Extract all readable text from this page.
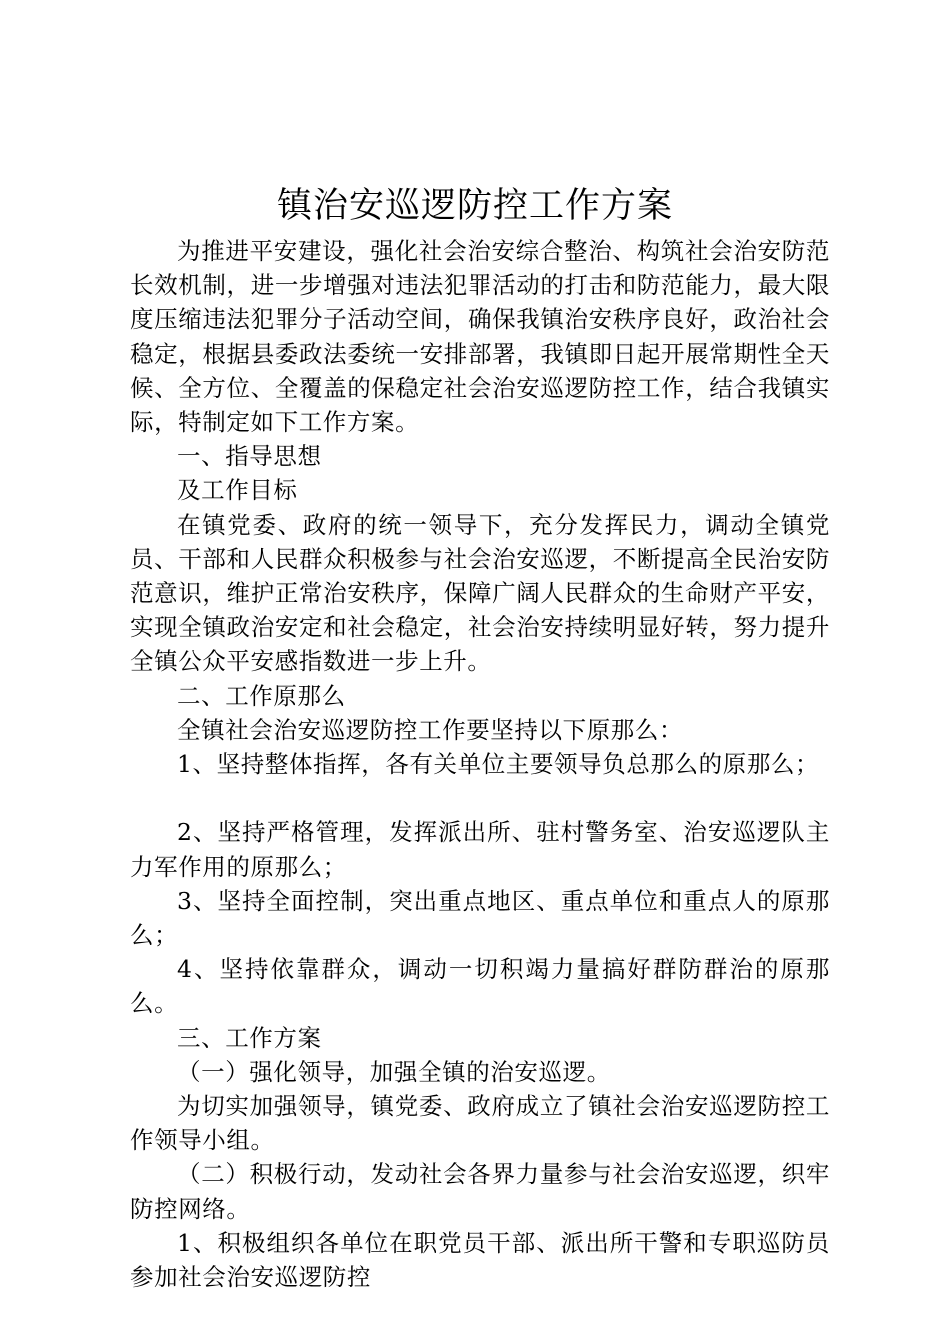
镇治安巡逻防控工作方案

为推进平安建设，强化社会治安综合整治、构筑社会治安防范长效机制，进一步增强对违法犯罪活动的打击和防范能力，最大限度压缩违法犯罪分子活动空间，确保我镇治安秩序良好，政治社会稳定，根据县委政法委统一安排部署，我镇即日起开展常期性全天候、全方位、全覆盖的保稳定社会治安巡逻防控工作，结合我镇实际，特制定如下工作方案。

一、指导思想

及工作目标

在镇党委、政府的统一领导下，充分发挥民力，调动全镇党员、干部和人民群众积极参与社会治安巡逻，不断提高全民治安防范意识，维护正常治安秩序，保障广阔人民群众的生命财产平安，实现全镇政治安定和社会稳定，社会治安持续明显好转，努力提升全镇公众平安感指数进一步上升。

二、工作原那么

全镇社会治安巡逻防控工作要坚持以下原那么：

1、坚持整体指挥，各有关单位主要领导负总那么的原那么；

2、坚持严格管理，发挥派出所、驻村警务室、治安巡逻队主力军作用的原那么；

3、坚持全面控制，突出重点地区、重点单位和重点人的原那么；

4、坚持依靠群众，调动一切积竭力量搞好群防群治的原那么。

三、工作方案

（一）强化领导，加强全镇的治安巡逻。

为切实加强领导，镇党委、政府成立了镇社会治安巡逻防控工作领导小组。

（二）积极行动，发动社会各界力量参与社会治安巡逻，织牢防控网络。

1、积极组织各单位在职党员干部、派出所干警和专职巡防员参加社会治安巡逻防控
